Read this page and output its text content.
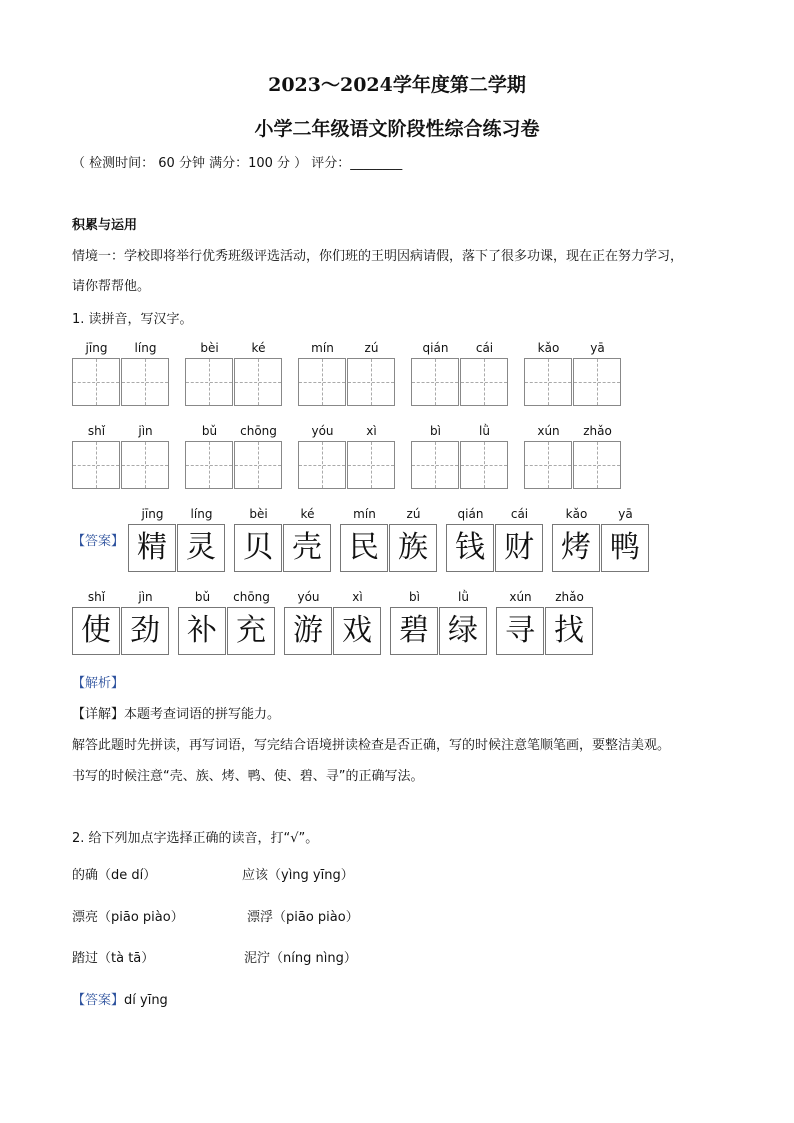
2023～2024学年度第二学期
小学二年级语文阶段性综合练习卷
（ 检测时间： 60 分钟 满分：100 分 ） 评分：________
积累与运用
情境一：学校即将举行优秀班级评选活动，你们班的王明因病请假，落下了很多功课，现在正在努力学习，
请你帮帮他。
1. 读拼音，写汉字。
jīng	líng	bèi	ké	mín	zú	qián	cái	kǎo	yā
shǐ	jìn	bǔ	chōng	yóu	xì	bì	lǜ	xún	zhǎo
【答案】
jīng	líng
精 灵
bèi	ké
贝 壳
mín	zú
民 族
qián	cái
钱 财
kǎo	yā
烤 鸭
shǐ	jìn
使 劲
bǔ	chōng
补 充
yóu	xì
游 戏
bì	lǜ
碧 绿
xún	zhǎo
寻 找
【解析】
【详解】本题考查词语的拼写能力。
解答此题时先拼读，再写词语，写完结合语境拼读检查是否正确，写的时候注意笔顺笔画，要整洁美观。
书写的时候注意“壳、族、烤、鸭、使、碧、寻”的正确写法。
2. 给下列加点字选择正确的读音，打“√”。
的确（de dí）	应该（yìng yīng）
漂亮（piāo piào）	漂浮（piāo piào）
踏过（tà tā）	泥泞（níng nìng）
【答案】dí yīng
